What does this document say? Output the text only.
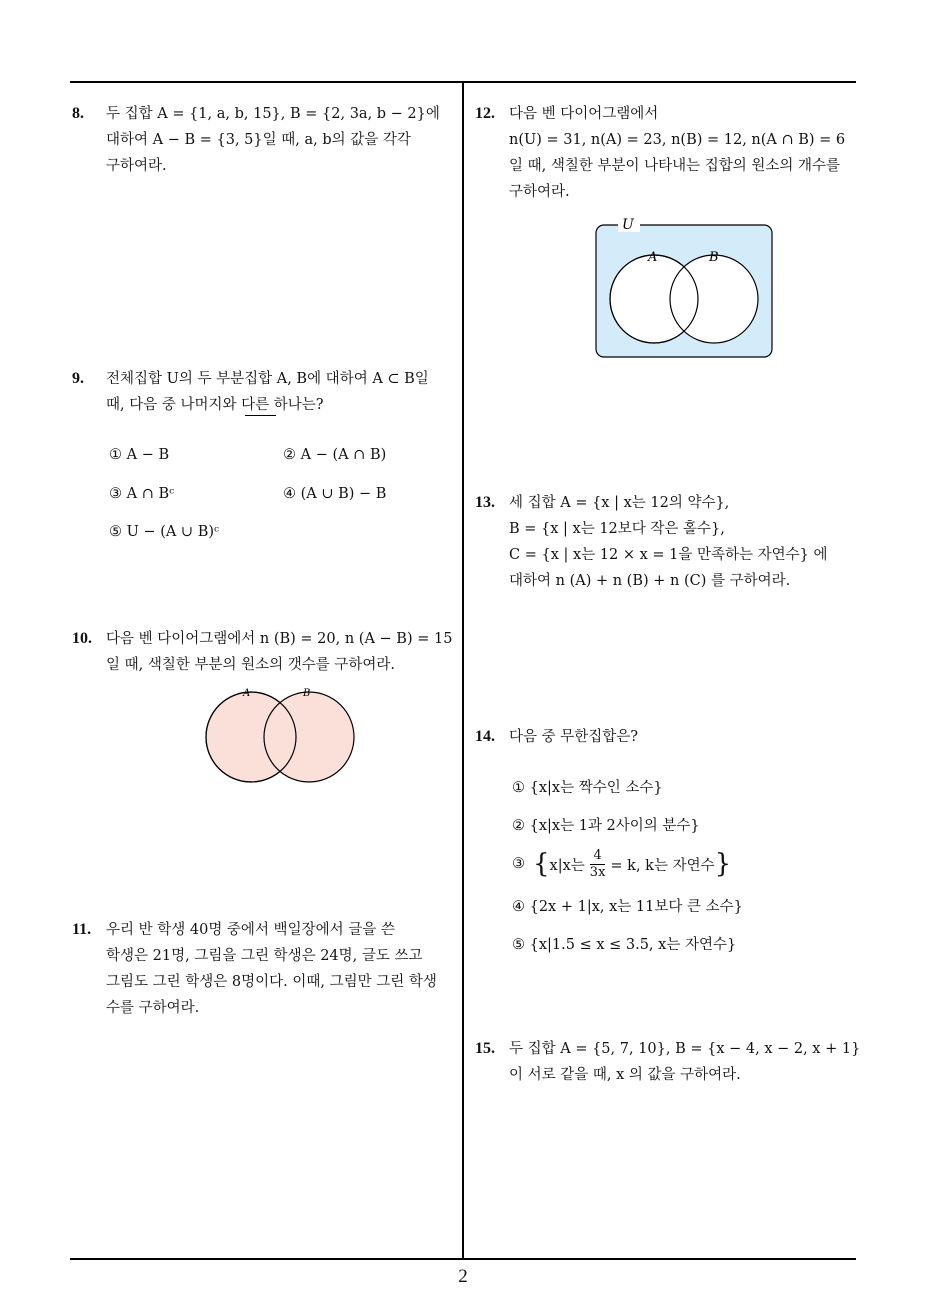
8. 두 집합 A = {1, a, b, 15}, B = {2, 3a, b − 2}에
대하여 A − B = {3, 5}일 때, a, b의 값을 각각
구하여라.
9. 전체집합 U의 두 부분집합 A, B에 대하여 A ⊂ B일
때, 다음 중 나머지와 다른 하나는?
① A − B	② A − (A ∩ B)
③ A ∩ Bᶜ	④ (A ∪ B) − B
⑤ U − (A ∪ B)ᶜ
10. 다음 벤 다이어그램에서 n (B) = 20, n (A − B) = 15
일 때, 색칠한 부분의 원소의 갯수를 구하여라.
A	B
11. 우리 반 학생 40명 중에서 백일장에서 글을 쓴
학생은 21명, 그림을 그린 학생은 24명, 글도 쓰고
그림도 그린 학생은 8명이다. 이때, 그림만 그린 학생
수를 구하여라.
12. 다음 벤 다이어그램에서
n(U) = 31, n(A) = 23, n(B) = 12, n(A ∩ B) = 6
일 때, 색칠한 부분이 나타내는 집합의 원소의 개수를
구하여라.
U
A	B
13. 세 집합 A = {x | x는 12의 약수},
B = {x | x는 12보다 작은 홀수},
C = {x | x는 12 × x = 1을 만족하는 자연수} 에
대하여 n (A) + n (B) + n (C) 를 구하여라.
14. 다음 중 무한집합은?
① {x|x는 짝수인 소수}
② {x|x는 1과 2사이의 분수}
③ { x|x는 $\frac{4}{3x} = k$, k는 자연수 }
④ {2x + 1|x, x는 11보다 큰 소수}
⑤ {x|1.5 ≤ x ≤ 3.5, x는 자연수}
15. 두 집합 A = {5, 7, 10}, B = {x − 4, x − 2, x + 1}
이 서로 같을 때, x 의 값을 구하여라.
2
